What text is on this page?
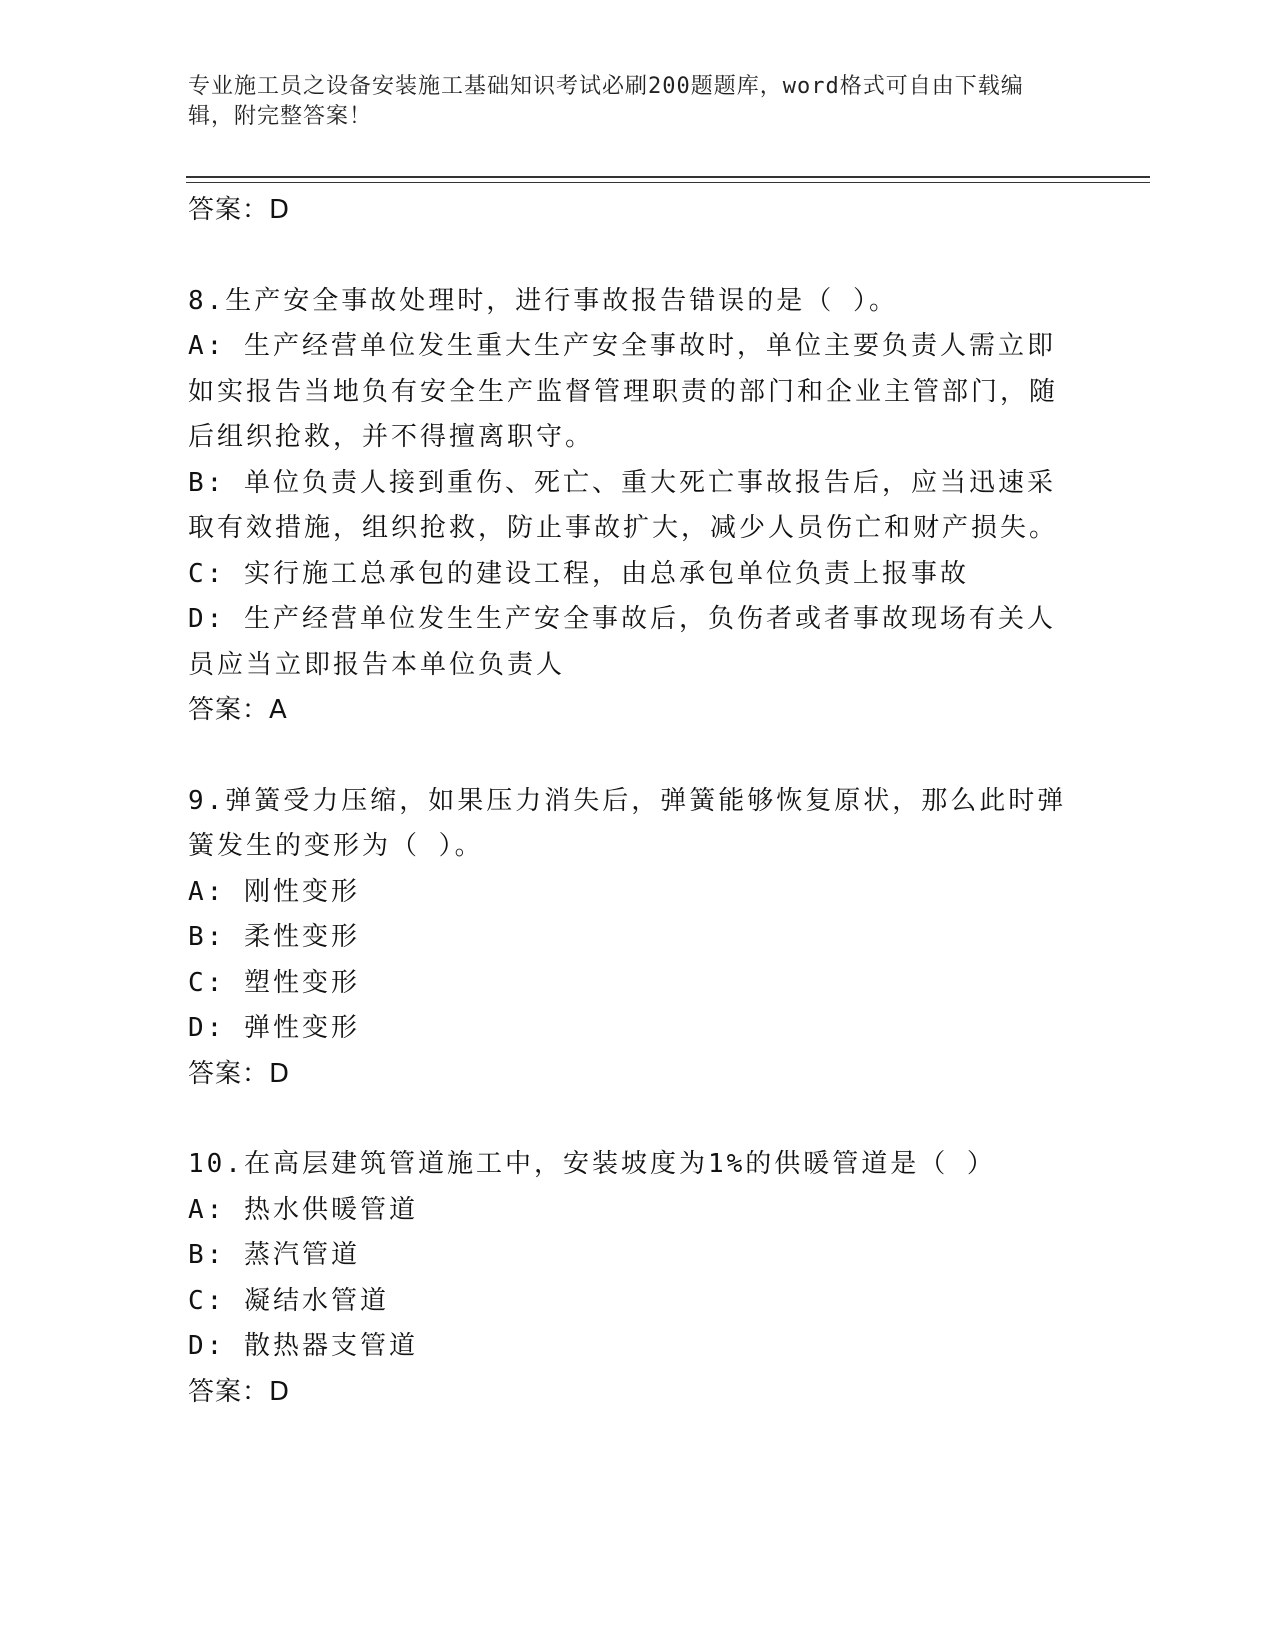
专业施工员之设备安装施工基础知识考试必刷200题题库，word格式可自由下载编辑，附完整答案！
答案：D
8.生产安全事故处理时，进行事故报告错误的是（ ）。
A: 生产经营单位发生重大生产安全事故时，单位主要负责人需立即如实报告当地负有安全生产监督管理职责的部门和企业主管部门，随后组织抢救，并不得擅离职守。
B: 单位负责人接到重伤、死亡、重大死亡事故报告后，应当迅速采取有效措施，组织抢救，防止事故扩大，减少人员伤亡和财产损失。
C: 实行施工总承包的建设工程，由总承包单位负责上报事故
D: 生产经营单位发生生产安全事故后，负伤者或者事故现场有关人员应当立即报告本单位负责人
答案：A
9.弹簧受力压缩，如果压力消失后，弹簧能够恢复原状，那么此时弹簧发生的变形为（ ）。
A: 刚性变形
B: 柔性变形
C: 塑性变形
D: 弹性变形
答案：D
10.在高层建筑管道施工中，安装坡度为1%的供暖管道是（ ）
A: 热水供暖管道
B: 蒸汽管道
C: 凝结水管道
D: 散热器支管道
答案：D
